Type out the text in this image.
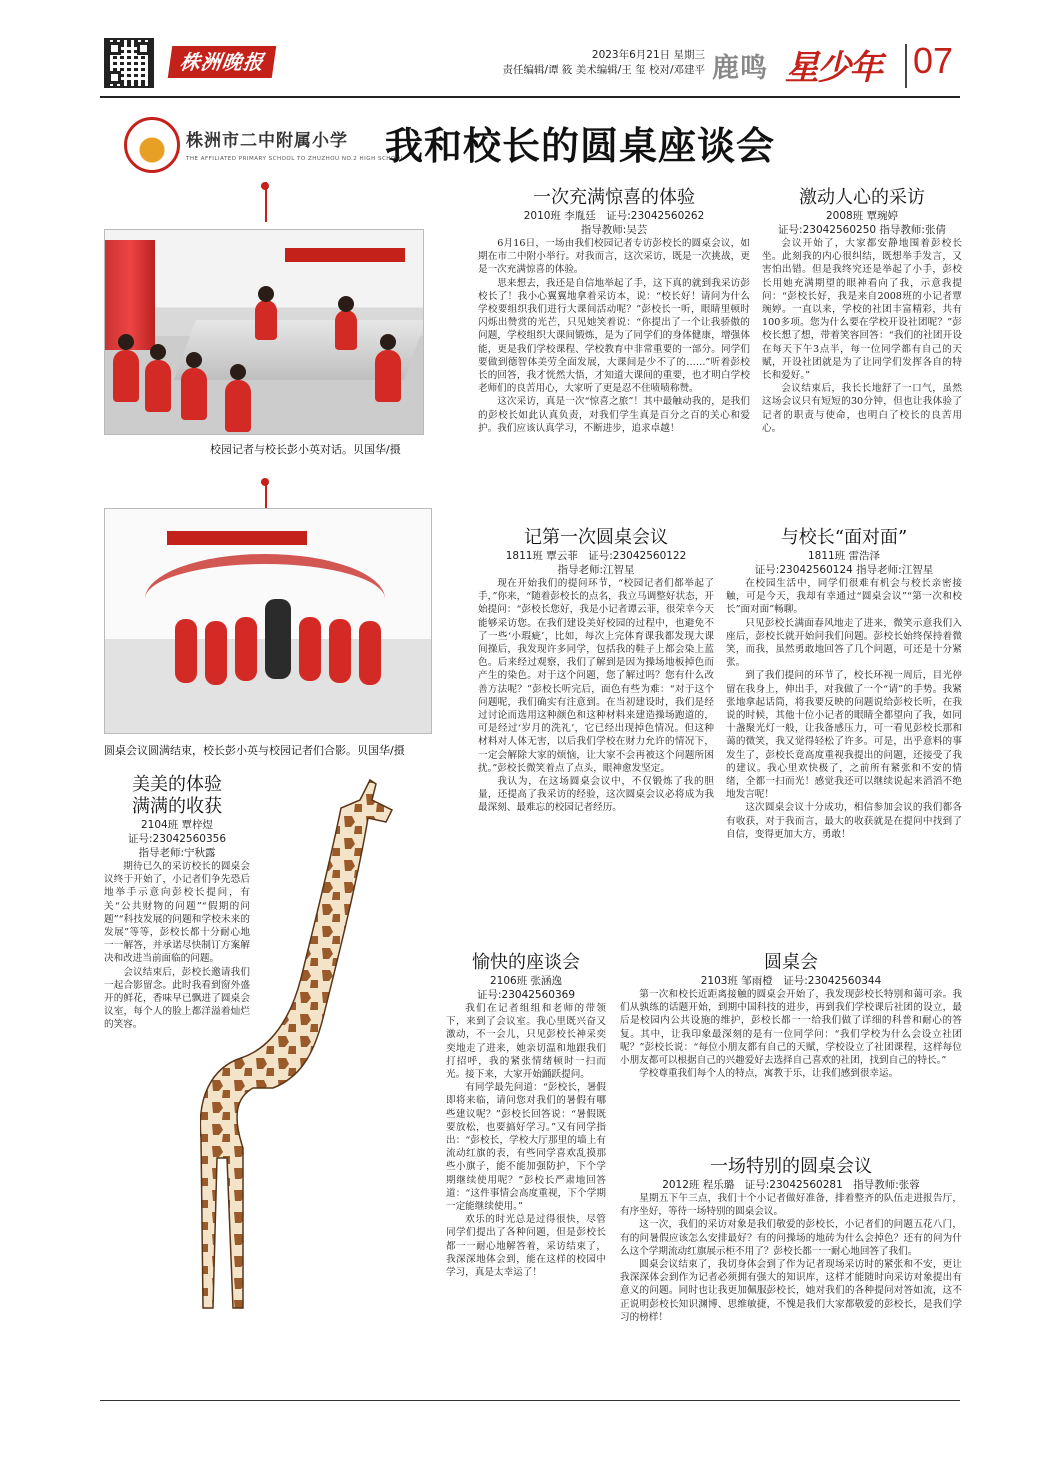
株洲晚报	2023年6月21日 星期三
责任编辑/谭 筱 美术编辑/王 玺 校对/邓建平 鹿鸣 星少年 07
株洲市二中附属小学
THE AFFILIATED PRIMARY SCHOOL TO ZHUZHOU NO.2 HIGH SCHOOL
我和校长的圆桌座谈会
校园记者与校长彭小英对话。贝国华/摄
圆桌会议圆满结束，校长彭小英与校园记者们合影。贝国华/摄
一次充满惊喜的体验
2010班 李胤廷　证号:23042560262
指导教师:吴芸

6月16日，一场由我们校园记者专访彭校长的圆桌会议，如期在市二中附小举行。对我而言，这次采访，既是一次挑战，更是一次充满惊喜的体验。

思来想去，我还是自信地举起了手，这下真的就到我采访彭校长了！我小心翼翼地拿着采访本，说：“校长好！请问为什么学校要组织我们进行大课间活动呢？”彭校长一听，眼睛里顿时闪烁出赞赏的光芒，只见她笑着说：“你提出了一个让我骄傲的问题，学校组织大课间锻炼，是为了同学们的身体健康，增强体能，更是我们学校课程、学校教育中非常重要的一部分。同学们要做到德智体美劳全面发展，大课间是少不了的……”听着彭校长的回答，我才恍然大悟，才知道大课间的重要，也才明白学校老师们的良苦用心，大家听了更是忍不住啧啧称赞。

这次采访，真是一次“惊喜之旅”！其中最触动我的，是我们的彭校长如此认真负责，对我们学生真是百分之百的关心和爱护。我们应该认真学习，不断进步，追求卓越！

激动人心的采访
2008班 覃琬婷
证号:23042560250 指导教师:张倩

会议开始了，大家都安静地围着彭校长坐。此刻我的内心很纠结，既想举手发言，又害怕出错。但是我终究还是举起了小手，彭校长用她充满期望的眼神看向了我，示意我提问：“彭校长好，我是来自2008班的小记者覃琬婷。一直以来，学校的社团丰富精彩，共有100多项。您为什么要在学校开设社团呢？”彭校长想了想，带着笑容回答：“我们的社团开设在每天下午3点半，每一位同学都有自己的天赋，开设社团就是为了让同学们发挥各自的特长和爱好。”

会议结束后，我长长地舒了一口气，虽然这场会议只有短短的30分钟，但也让我体验了记者的职责与使命，也明白了校长的良苦用心。

记第一次圆桌会议
1811班 覃云菲　证号:23042560122
指导老师:江智星

现在开始我们的提问环节，“校园记者们都举起了手，”你来，“随着彭校长的点名，我立马调整好状态，开始提问：“彭校长您好，我是小记者谭云菲，很荣幸今天能够采访您。在我们建设美好校园的过程中，也避免不了一些‘小瑕疵’，比如，每次上完体育课我都发现大课间操后，我发现许多同学，包括我的鞋子上都会染上蓝色。后来经过观察，我们了解到是因为操场地板掉色而产生的染色。对于这个问题，您了解过吗？您有什么改善方法呢？”彭校长听完后，面色有些为难：“对于这个问题呢，我们确实有注意到。在当初建设时，我们是经过讨论而选用这种颜色和这种材料来建造操场跑道的，可是经过‘岁月的洗礼’，它已经出现掉色情况。但这种材料对人体无害，以后我们学校在财力允许的情况下，一定会解除大家的烦恼，让大家不会再被这个问题所困扰。”彭校长微笑着点了点头，眼神愈发坚定。

我认为，在这场圆桌会议中，不仅锻炼了我的胆量，还提高了我采访的经验，这次圆桌会议必将成为我最深刻、最难忘的校园记者经历。

与校长“面对面”
1811班 雷浩泽
证号:23042560124 指导老师:江智星

在校园生活中，同学们很难有机会与校长亲密接触，可是今天，我却有幸通过“圆桌会议”“第一次和校长”面对面”畅聊。

只见彭校长满面春风地走了进来，微笑示意我们入座后，彭校长就开始问我们问题。彭校长始终保持着微笑，而我，虽然勇敢地回答了几个问题，可还是十分紧张。

到了我们提问的环节了，校长环视一周后，目光停留在我身上，伸出手，对我做了一个“请”的手势。我紧张地拿起话筒，将我要反映的问题说给彭校长听，在我说的时候，其他十位小记者的眼睛全都望向了我，如同十盏聚光灯一般，让我备感压力，可一看见彭校长那和蔼的微笑，我又觉得轻松了许多。可是，出乎意料的事发生了，彭校长竟高度重视我提出的问题，还接受了我的建议。我心里欢快极了，之前所有紧张和不安的情绪，全都一扫而光！感觉我还可以继续说起来滔滔不绝地发言呢！

这次圆桌会议十分成功，相信参加会议的我们都各有收获，对于我而言，最大的收获就是在提问中找到了自信，变得更加大方，勇敢！

美美的体验
满满的收获
2104班 覃梓煜
证号:23042560356
指导老师:宁秋露

期待已久的采访校长的圆桌会议终于开始了，小记者们争先恐后地举手示意向彭校长提问，有关“公共财物的问题”“假期的问题”“科技发展的问题和学校未来的发展”等等，彭校长都十分耐心地一一解答，并承诺尽快制订方案解决和改进当前面临的问题。

会议结束后，彭校长邀请我们一起合影留念。此时我看到窗外盛开的鲜花，香味早已飘进了圆桌会议室，每个人的脸上都洋溢着灿烂的笑容。

愉快的座谈会
2106班 张涵逸
证号:23042560369

我们在记者组组和老师的带领下，来到了会议室。我心里既兴奋又激动，不一会儿，只见彭校长神采奕奕地走了进来，她亲切温和地跟我们打招呼，我的紧张情绪顿时一扫而光。接下来，大家开始踊跃提问。

有同学最先问道：“彭校长，暑假即将来临，请问您对我们的暑假有哪些建议呢？”彭校长回答说：“暑假既要放松，也要搞好学习。”又有同学指出：“彭校长，学校大厅那里的墙上有流动红旗的表，有些同学喜欢乱摸那些小旗子，能不能加强防护，下个学期继续使用呢？”彭校长严肃地回答道：“这件事情会高度重视，下个学期一定能继续使用。”

欢乐的时光总是过得很快，尽管同学们提出了各种问题，但是彭校长都一一耐心地解答着，采访结束了，我深深地体会到，能在这样的校园中学习，真是太幸运了！

圆桌会
2103班 邹雨橙　证号:23042560344

第一次和校长近距离接触的圆桌会开始了，我发现彭校长特别和蔼可亲。我们从孰练的话题开始，到期中国科技的进步，再到我们学校课后社团的设立，最后是校园内公共设施的维护，彭校长都一一给我们做了详细的科普和耐心的答复。其中，让我印象最深刻的是有一位同学问：“我们学校为什么会设立社团呢？”彭校长说：“每位小朋友都有自己的天赋，学校设立了社团课程，这样每位小朋友都可以根据自己的兴趣爱好去选择自己喜欢的社团，找到自己的特长。”

学校尊重我们每个人的特点，寓教于乐，让我们感到很幸运。

一场特别的圆桌会议
2012班 程乐璐　证号:23042560281　指导教师:张蓉

星期五下午三点，我们十个小记者做好准备，排着整齐的队伍走进报告厅，有序坐好，等待一场特别的圆桌会议。

这一次，我们的采访对象是我们敬爱的彭校长，小记者们的问题五花八门，有的问暑假应该怎么安排最好？有的问操场的地砖为什么会掉色？还有的问为什么这个学期流动红旗展示柜不用了？彭校长都一一耐心地回答了我们。

圆桌会议结束了，我切身体会到了作为记者现场采访时的紧张和不安，更让我深深体会到作为记者必须拥有强大的知识库，这样才能随时向采访对象提出有意义的问题。同时也让我更加佩服彭校长，她对我们的各种提问对答如流，这不正说明彭校长知识渊博、思维敏捷，不愧是我们大家都敬爱的彭校长，是我们学习的榜样！
